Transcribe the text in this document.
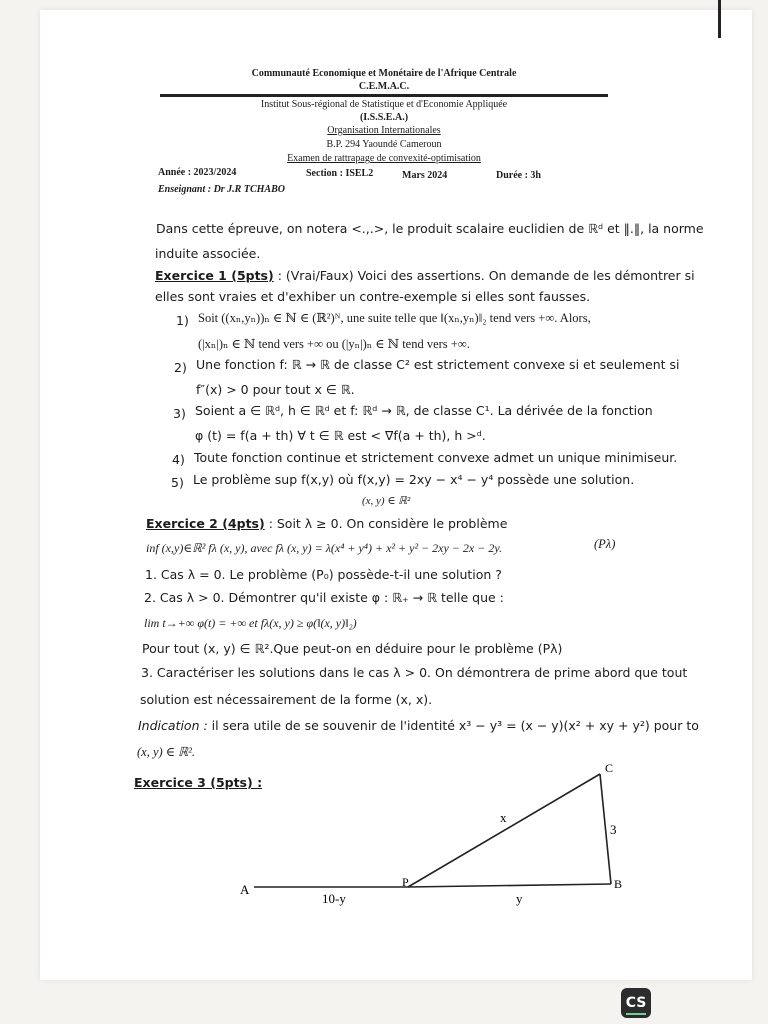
Communauté Economique et Monétaire de l'Afrique Centrale
C.E.M.A.C.
Institut Sous-régional de Statistique et d'Economie Appliquée
(I.S.S.E.A.)
Organisation Internationales
B.P. 294 Yaoundé Cameroun
Examen de rattrapage de convexité-optimisation
Année : 2023/2024	Section : ISEL2	Mars 2024	Durée : 3h
Enseignant : Dr J.R TCHABO
Dans cette épreuve, on notera <.,.>, le produit scalaire euclidien de ℝᵈ et ‖.‖, la norme
induite associée.
Exercice 1 (5pts) : (Vrai/Faux) Voici des assertions. On demande de les démontrer si
elles sont vraies et d'exhiber un contre-exemple si elles sont fausses.
1) Soit ((xₙ,yₙ))ₙ ∈ ℕ ∈ (ℝ²)ᴺ, une suite telle que ‖(xₙ,yₙ)‖₂ tend vers +∞. Alors,
(|xₙ|)ₙ ∈ ℕ tend vers +∞ ou (|yₙ|)ₙ ∈ ℕ tend vers +∞.
2) Une fonction f: ℝ → ℝ de classe C² est strictement convexe si et seulement si
f″(x) > 0 pour tout x ∈ ℝ.
3) Soient a ∈ ℝᵈ, h ∈ ℝᵈ et f: ℝᵈ → ℝ, de classe C¹. La dérivée de la fonction
φ (t) = f(a + th) ∀ t ∈ ℝ est < ∇f(a + th), h >ᵈ.
4) Toute fonction continue et strictement convexe admet un unique minimiseur.
5) Le problème sup f(x,y) où f(x,y) = 2xy − x⁴ − y⁴ possède une solution.
(x, y) ∈ ℝ²
Exercice 2 (4pts) : Soit λ ≥ 0. On considère le problème
inf (x,y)∈ℝ² fλ (x, y), avec fλ (x, y) = λ(x⁴ + y⁴) + x² + y² − 2xy − 2x − 2y.	(Pλ)
1. Cas λ = 0. Le problème (P₀) possède-t-il une solution ?
2. Cas λ > 0. Démontrer qu'il existe φ : ℝ₊ → ℝ telle que :
lim t→+∞ φ(t) = +∞ et fλ(x, y) ≥ φ(‖(x, y)‖₂)
Pour tout (x, y) ∈ ℝ².Que peut-on en déduire pour le problème (Pλ)
3. Caractériser les solutions dans le cas λ > 0. On démontrera de prime abord que tout
solution est nécessairement de la forme (x, x).
Indication : il sera utile de se souvenir de l'identité x³ − y³ = (x − y)(x² + xy + y²) pour to
(x, y) ∈ ℝ².
Exercice 3 (5pts) :
A	P	B
C
x
3
10-y	y
CS
